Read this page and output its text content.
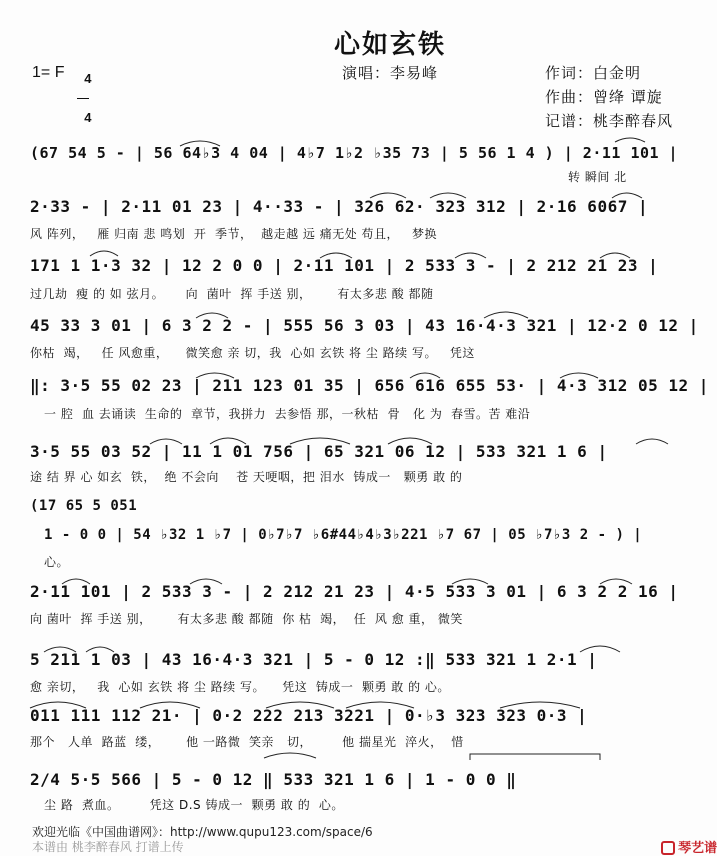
心如玄铁
1= F	4

4

演唱：李易峰	作词：白金明
作曲：曾绛 谭旋
记谱：桃李醉春风
(67 54 5 - | 56 64♭3 4 04 | 4♭7 1♭2 ♭35 73 | 5 56 1 4 ) | 2·11 101 |
转 瞬间 北
2·33 - | 2·11 01 23 | 4··33 - | 326 62· 323 312 | 2·16 6067 |
风 阵列，   雁 归南 悲 鸣划  开  季节，  越走越 远 痛无处 苟且，   梦换
171 1 1·3 32 | 12 2 0 0 | 2·11 101 | 2 533 3 - | 2 212 21 23 |
过几劫  瘦 的 如 弦月。     向  菌叶  挥 手送 别，      有太多悲 酸 都随
45 33 3 01 | 6 3 2 2 - | 555 56 3 03 | 43 16·4·3 321 | 12·2 0 12 |
你枯  竭，   任 风愈重，    微笑愈 亲 切，我  心如 玄铁 将 尘 路续 写。   凭这
‖: 3·5 55 02 23 | 211 123 01 35 | 656 616 655 53· | 4·3 312 05 12 |
一 腔  血 去诵读  生命的  章节，我拼力  去参悟 那，一秋枯  骨   化 为  春雪。苦 难沿
3·5 55 03 52 | 11 1 01 756 | 65 321 06 12 | 533 321 1 6 |
途 结 界 心 如玄  铁，  绝 不会向    苍 天哽咽，把 泪水  铸成一   颗勇 敢 的
(17 65 5 051
1 - 0 0 | 54 ♭32 1 ♭7 | 0♭7♭7 ♭6#44♭4♭3♭221 ♭7 67 | 05 ♭7♭3 2 - ) |
心。
2·11 101 | 2 533 3 - | 2 212 21 23 | 4·5 533 3 01 | 6 3 2 2 16 |
向 菌叶  挥 手送 别，      有太多悲 酸 都随  你 枯  竭，  任  风 愈 重， 微笑
5 211 1 03 | 43 16·4·3 321 | 5 - 0 12 :‖ 533 321 1 2·1 |
愈 亲切，   我  心如 玄铁 将 尘 路续 写。    凭这  铸成一  颗勇 敢 的 心。
011 111 112 21· | 0·2 222 213 3221 | 0·♭3 323 323 0·3 |
那个   人单  路蓝  缕，      他 一路微  笑亲   切，       他 揣星光  淬火，  惜
2/4 5·5 566 | 5 - 0 12 ‖ 533 321 1 6 | 1 - 0 0 ‖
尘 路  煮血。       凭这 D.S 铸成一  颗勇 敢 的  心。
欢迎光临《中国曲谱网》：http://www.qupu123.com/space/6
本谱由 桃李醉春风 打谱上传	琴艺谱
